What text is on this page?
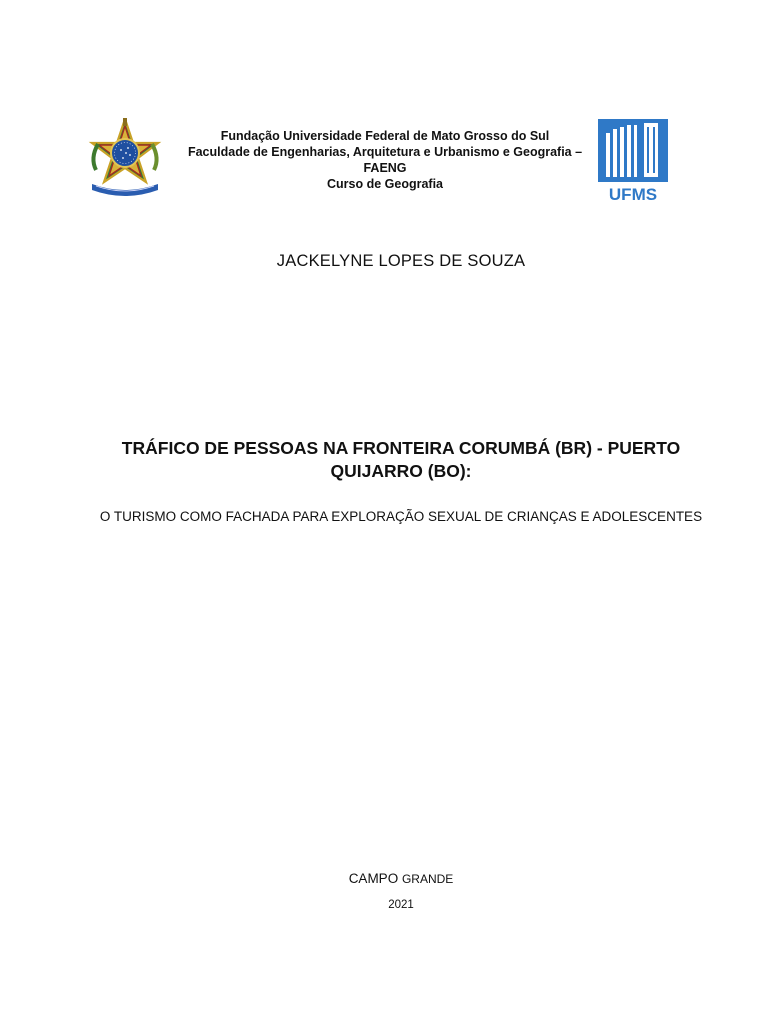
Fundação Universidade Federal de Mato Grosso do Sul
Faculdade de Engenharias, Arquitetura e Urbanismo e Geografia –
FAENG
Curso de Geografia
UFMS
JACKELYNE LOPES DE SOUZA
TRÁFICO DE PESSOAS NA FRONTEIRA CORUMBÁ (BR) - PUERTO QUIJARRO (BO):
O TURISMO COMO FACHADA PARA EXPLORAÇÃO SEXUAL DE CRIANÇAS E ADOLESCENTES
CAMPO GRANDE
2021
